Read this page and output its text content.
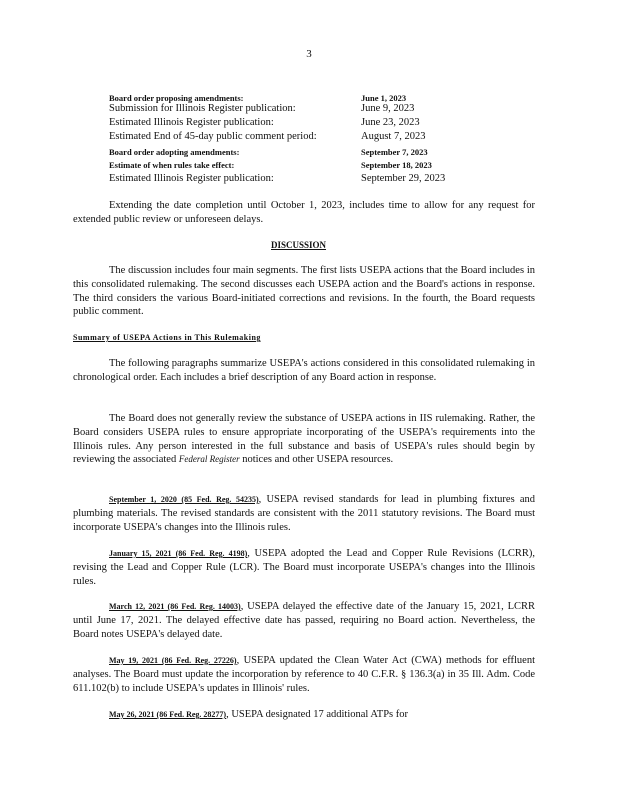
3
Board order proposing amendments:	June 1, 2023
Submission for Illinois Register publication:	June 9, 2023
Estimated Illinois Register publication:	June 23, 2023
Estimated End of 45-day public comment period:	August 7, 2023
Board order adopting amendments:	September 7, 2023
Estimate of when rules take effect:	September 18, 2023
Estimated Illinois Register publication:	September 29, 2023

Extending the date completion until October 1, 2023, includes time to allow for any request for extended public review or unforeseen delays.

DISCUSSION

The discussion includes four main segments. The first lists USEPA actions that the Board includes in this consolidated rulemaking. The second discusses each USEPA action and the Board's actions in response. The third considers the various Board-initiated corrections and revisions. In the fourth, the Board requests public comment.

Summary of USEPA Actions in This Rulemaking

The following paragraphs summarize USEPA's actions considered in this consolidated rulemaking in chronological order. Each includes a brief description of any Board action in response.

The Board does not generally review the substance of USEPA actions in IIS rulemaking. Rather, the Board considers USEPA rules to ensure appropriate incorporating of the USEPA's requirements into the Illinois rules. Any person interested in the full substance and basis of USEPA's rules should begin by reviewing the associated Federal Register notices and other USEPA resources.

September 1, 2020 (85 Fed. Reg. 54235), USEPA revised standards for lead in plumbing fixtures and plumbing materials. The revised standards are consistent with the 2011 statutory revisions. The Board must incorporate USEPA's changes into the Illinois rules.

January 15, 2021 (86 Fed. Reg. 4198), USEPA adopted the Lead and Copper Rule Revisions (LCRR), revising the Lead and Copper Rule (LCR). The Board must incorporate USEPA's changes into the Illinois rules.

March 12, 2021 (86 Fed. Reg. 14003), USEPA delayed the effective date of the January 15, 2021, LCRR until June 17, 2021. The delayed effective date has passed, requiring no Board action. Nevertheless, the Board notes USEPA's delayed date.

May 19, 2021 (86 Fed. Reg. 27226), USEPA updated the Clean Water Act (CWA) methods for effluent analyses. The Board must update the incorporation by reference to 40 C.F.R. § 136.3(a) in 35 Ill. Adm. Code 611.102(b) to include USEPA's updates in Illinois' rules.

May 26, 2021 (86 Fed. Reg. 28277), USEPA designated 17 additional ATPs for
